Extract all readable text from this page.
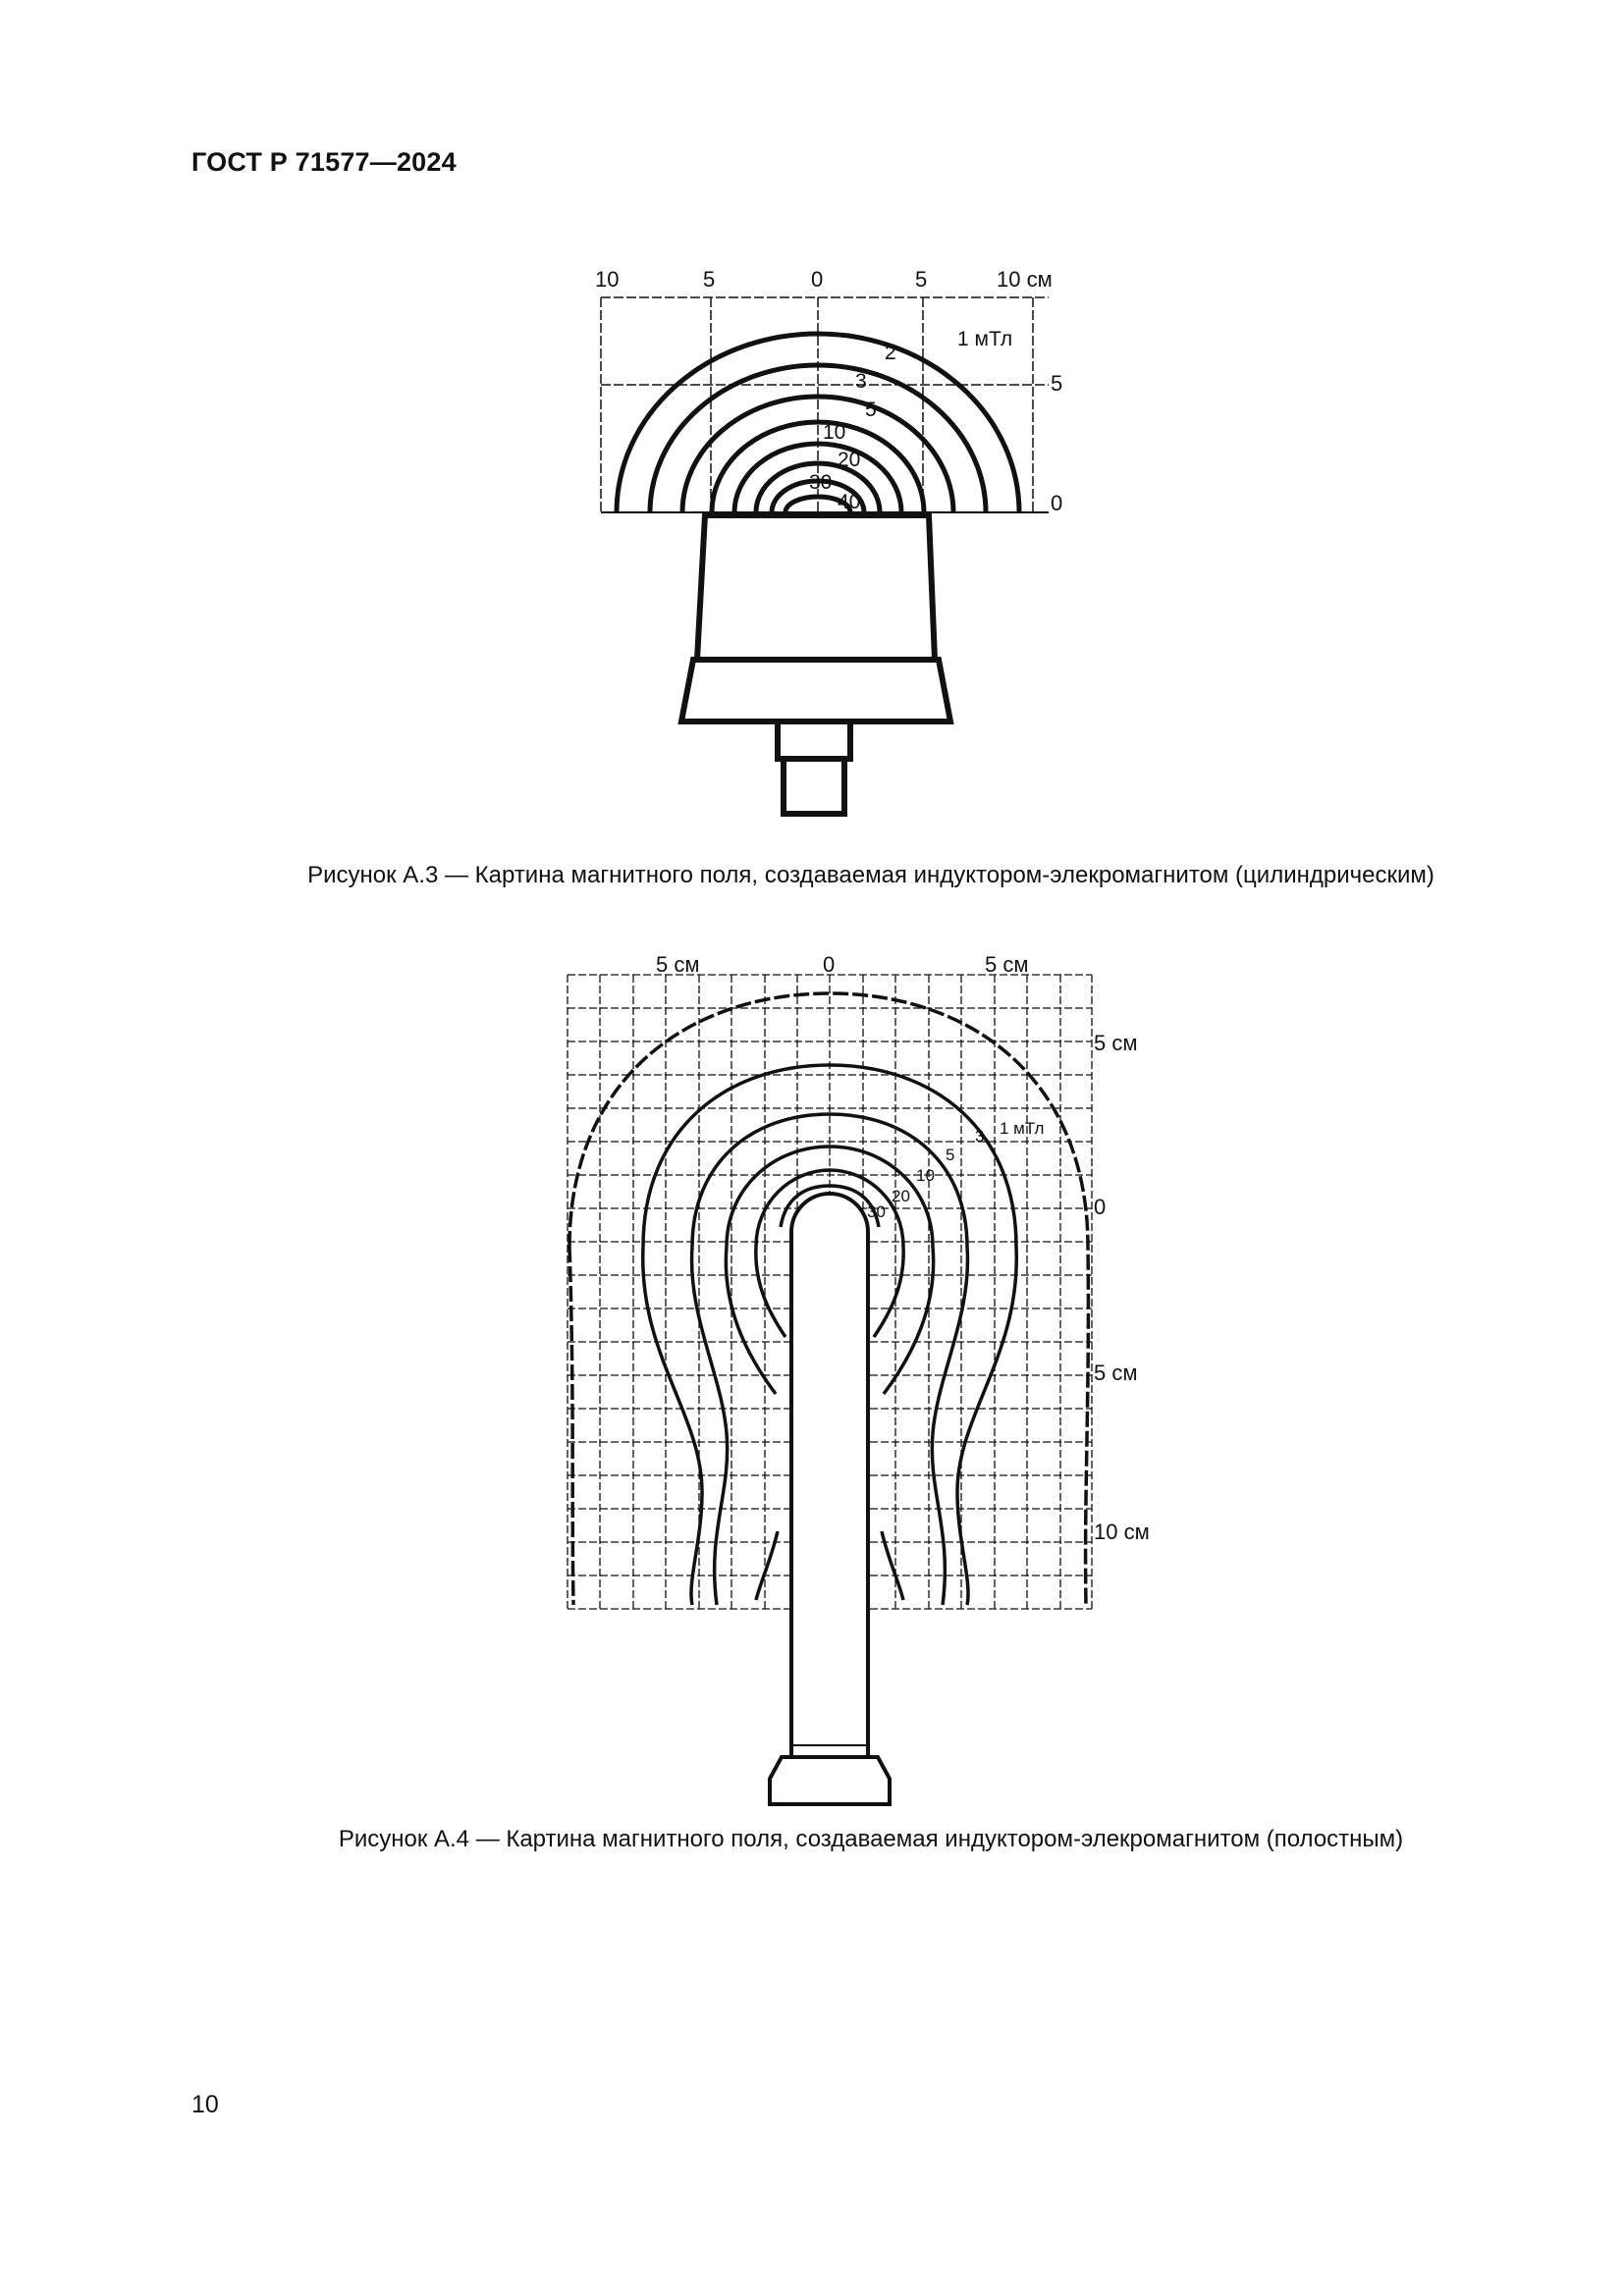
ГОСТ Р 71577—2024
10	5	0	5	10 см
5
0
1 мТл
2
3
5
10
20
30
40
5 см	0	5 см
5 см
0
5 см
10 см
1 мТл
3
5
10
20
30
Рисунок А.3 — Картина магнитного поля, создаваемая индуктором-элекромагнитом (цилиндрическим)
Рисунок А.4 — Картина магнитного поля, создаваемая индуктором-элекромагнитом (полостным)
10
